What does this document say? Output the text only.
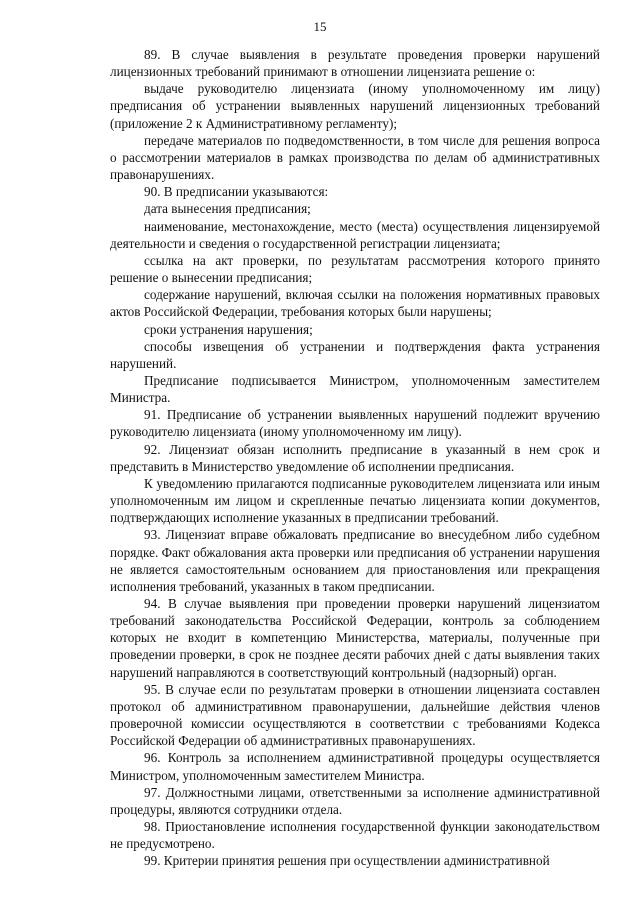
15

89. В случае выявления в результате проведения проверки нарушений лицензионных требований принимают в отношении лицензиата решение о:

выдаче руководителю лицензиата (иному уполномоченному им лицу) предписания об устранении выявленных нарушений лицензионных требований (приложение 2 к Административному регламенту);

передаче материалов по подведомственности, в том числе для решения вопроса о рассмотрении материалов в рамках производства по делам об административных правонарушениях.

90. В предписании указываются:

дата вынесения предписания;

наименование, местонахождение, место (места) осуществления лицензируемой деятельности и сведения о государственной регистрации лицензиата;

ссылка на акт проверки, по результатам рассмотрения которого принято решение о вынесении предписания;

содержание нарушений, включая ссылки на положения нормативных правовых актов Российской Федерации, требования которых были нарушены;

сроки устранения нарушения;

способы извещения об устранении и подтверждения факта устранения нарушений.

Предписание подписывается Министром, уполномоченным заместителем Министра.

91. Предписание об устранении выявленных нарушений подлежит вручению руководителю лицензиата (иному уполномоченному им лицу).

92. Лицензиат обязан исполнить предписание в указанный в нем срок и представить в Министерство уведомление об исполнении предписания.

К уведомлению прилагаются подписанные руководителем лицензиата или иным уполномоченным им лицом и скрепленные печатью лицензиата копии документов, подтверждающих исполнение указанных в предписании требований.

93. Лицензиат вправе обжаловать предписание во внесудебном либо судебном порядке. Факт обжалования акта проверки или предписания об устранении нарушения не является самостоятельным основанием для приостановления или прекращения исполнения требований, указанных в таком предписании.

94. В случае выявления при проведении проверки нарушений лицензиатом требований законодательства Российской Федерации, контроль за соблюдением которых не входит в компетенцию Министерства, материалы, полученные при проведении проверки, в срок не позднее десяти рабочих дней с даты выявления таких нарушений направляются в соответствующий контрольный (надзорный) орган.

95. В случае если по результатам проверки в отношении лицензиата составлен протокол об административном правонарушении, дальнейшие действия членов проверочной комиссии осуществляются в соответствии с требованиями Кодекса Российской Федерации об административных правонарушениях.

96. Контроль за исполнением административной процедуры осуществляется Министром, уполномоченным заместителем Министра.

97. Должностными лицами, ответственными за исполнение административной процедуры, являются сотрудники отдела.

98. Приостановление исполнения государственной функции законодательством не предусмотрено.

99. Критерии принятия решения при осуществлении административной
